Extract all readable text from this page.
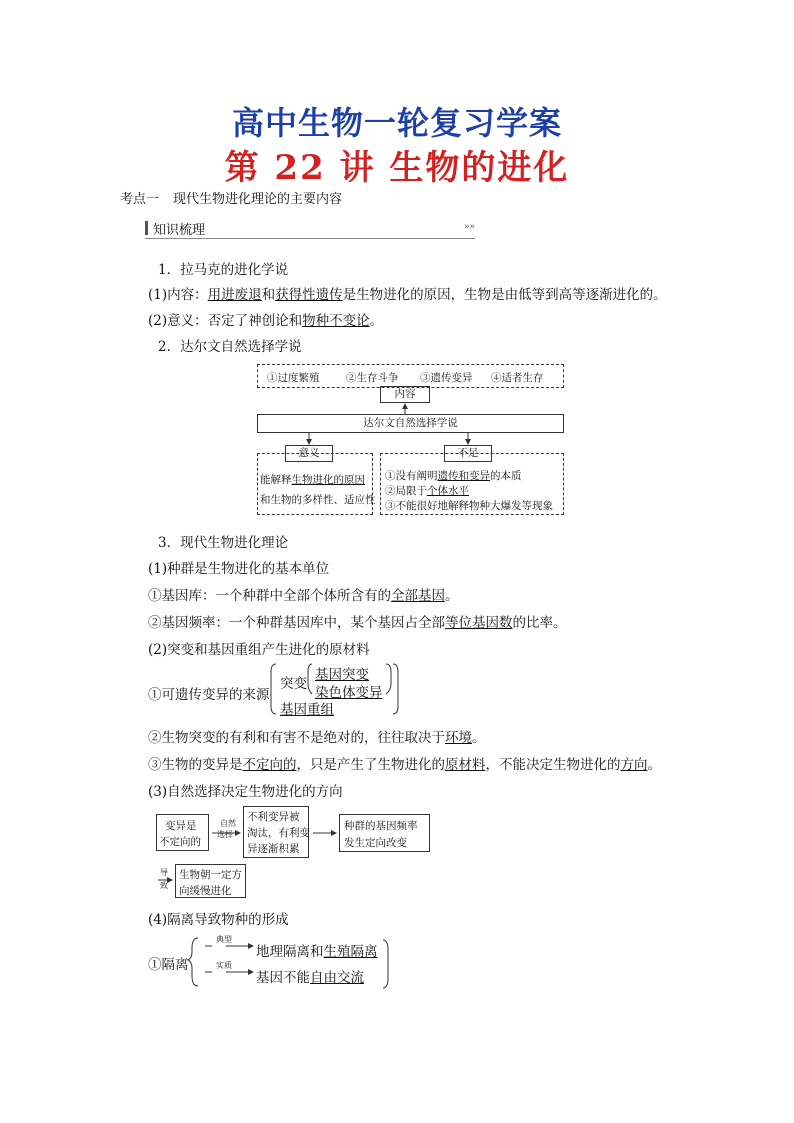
高中生物一轮复习学案
第 22 讲 生物的进化
考点一 现代生物进化理论的主要内容
知识梳理	»»
1．拉马克的进化学说
(1)内容：用进废退和获得性遗传是生物进化的原因，生物是由低等到高等逐渐进化的。
(2)意义：否定了神创论和物种不变论。
2．达尔文自然选择学说
①过度繁殖	②生存斗争 ③遗传变异 ④适者生存
内容
达尔文自然选择学说
意义	不足
能解释生物进化的原因
和生物的多样性、适应性
①没有阐明遗传和变异的本质
②局限于个体水平
③不能很好地解释物种大爆发等现象
3．现代生物进化理论
(1)种群是生物进化的基本单位
①基因库：一个种群中全部个体所含有的全部基因。
②基因频率：一个种群基因库中，某个基因占全部等位基因数的比率。
(2)突变和基因重组产生进化的原材料
①可遗传变异的来源
突变
基因突变
染色体变异
基因重组
②生物突变的有利和有害不是绝对的，往往取决于环境。
③生物的变异是不定向的，只是产生了生物进化的原材料，不能决定生物进化的方向。
(3)自然选择决定生物进化的方向
变异是
不定向的
自然
选择
不利变异被
淘汰，有利变
异逐渐积累
种群的基因频率
发生定向改变
导
致
生物朝一定方
向缓慢进化
(4)隔离导致物种的形成
①隔离
典型
实质
地理隔离和生殖隔离
基因不能自由交流
